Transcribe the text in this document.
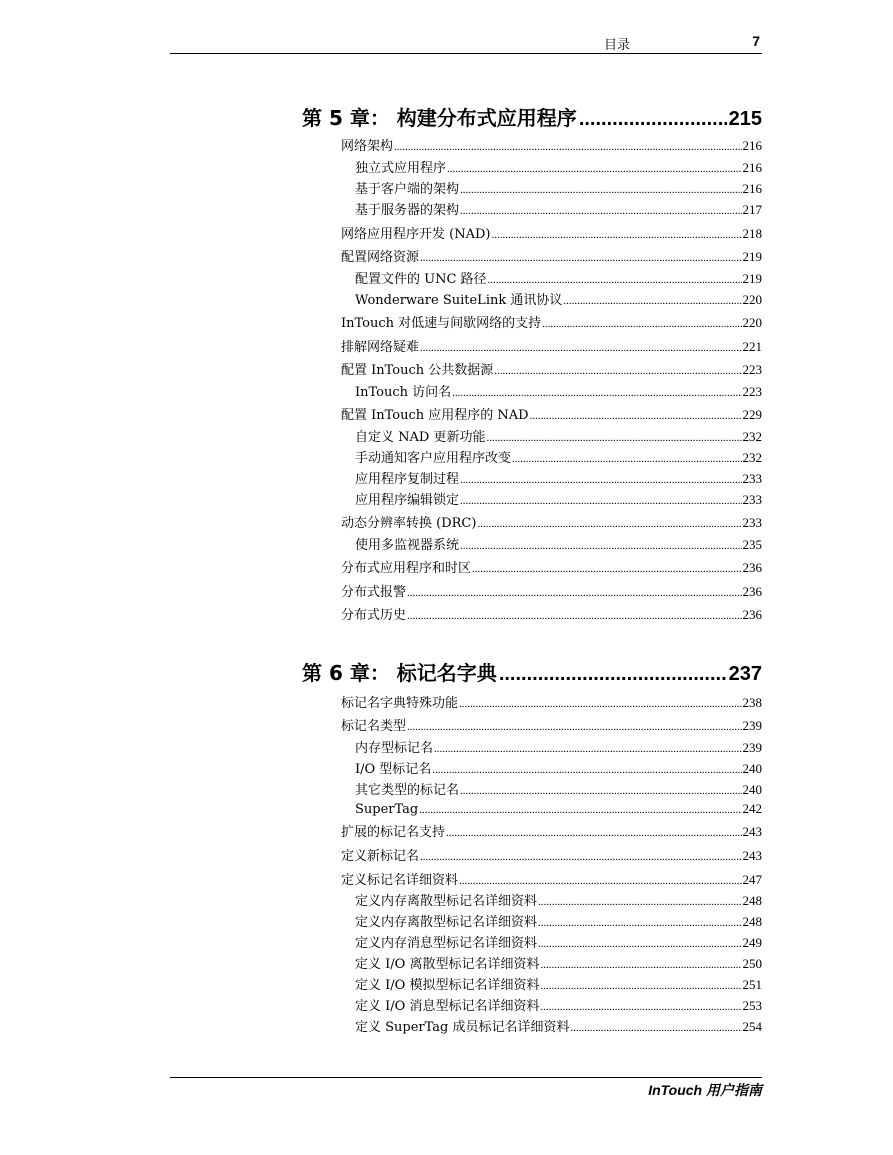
目录	7
第 5 章： 构建分布式应用程序 .....	215
网络架构 .....	216
独立式应用程序 .....	216
基于客户端的架构 .....	216
基于服务器的架构 .....	217
网络应用程序开发 (NAD) .....	218
配置网络资源 .....	219
配置文件的 UNC 路径 .....	219
Wonderware SuiteLink 通讯协议 .....	220
InTouch 对低速与间歇网络的支持 .....	220
排解网络疑难 .....	221
配置 InTouch 公共数据源 .....	223
InTouch 访问名 .....	223
配置 InTouch 应用程序的 NAD .....	229
自定义 NAD 更新功能 .....	232
手动通知客户应用程序改变 .....	232
应用程序复制过程 .....	233
应用程序编辑锁定 .....	233
动态分辨率转换 (DRC) .....	233
使用多监视器系统 .....	235
分布式应用程序和时区 .....	236
分布式报警 .....	236
分布式历史 .....	236
第 6 章： 标记名字典 .....	237
标记名字典特殊功能 .....	238
标记名类型 .....	239
内存型标记名 .....	239
I/O 型标记名 .....	240
其它类型的标记名 .....	240
SuperTag .....	242
扩展的标记名支持 .....	243
定义新标记名 .....	243
定义标记名详细资料 .....	247
定义内存离散型标记名详细资料 .....	248
定义内存离散型标记名详细资料 .....	248
定义内存消息型标记名详细资料 .....	249
定义 I/O 离散型标记名详细资料 .....	250
定义 I/O 模拟型标记名详细资料 .....	251
定义 I/O 消息型标记名详细资料 .....	253
定义 SuperTag 成员标记名详细资料 .....	254
InTouch 用户指南
